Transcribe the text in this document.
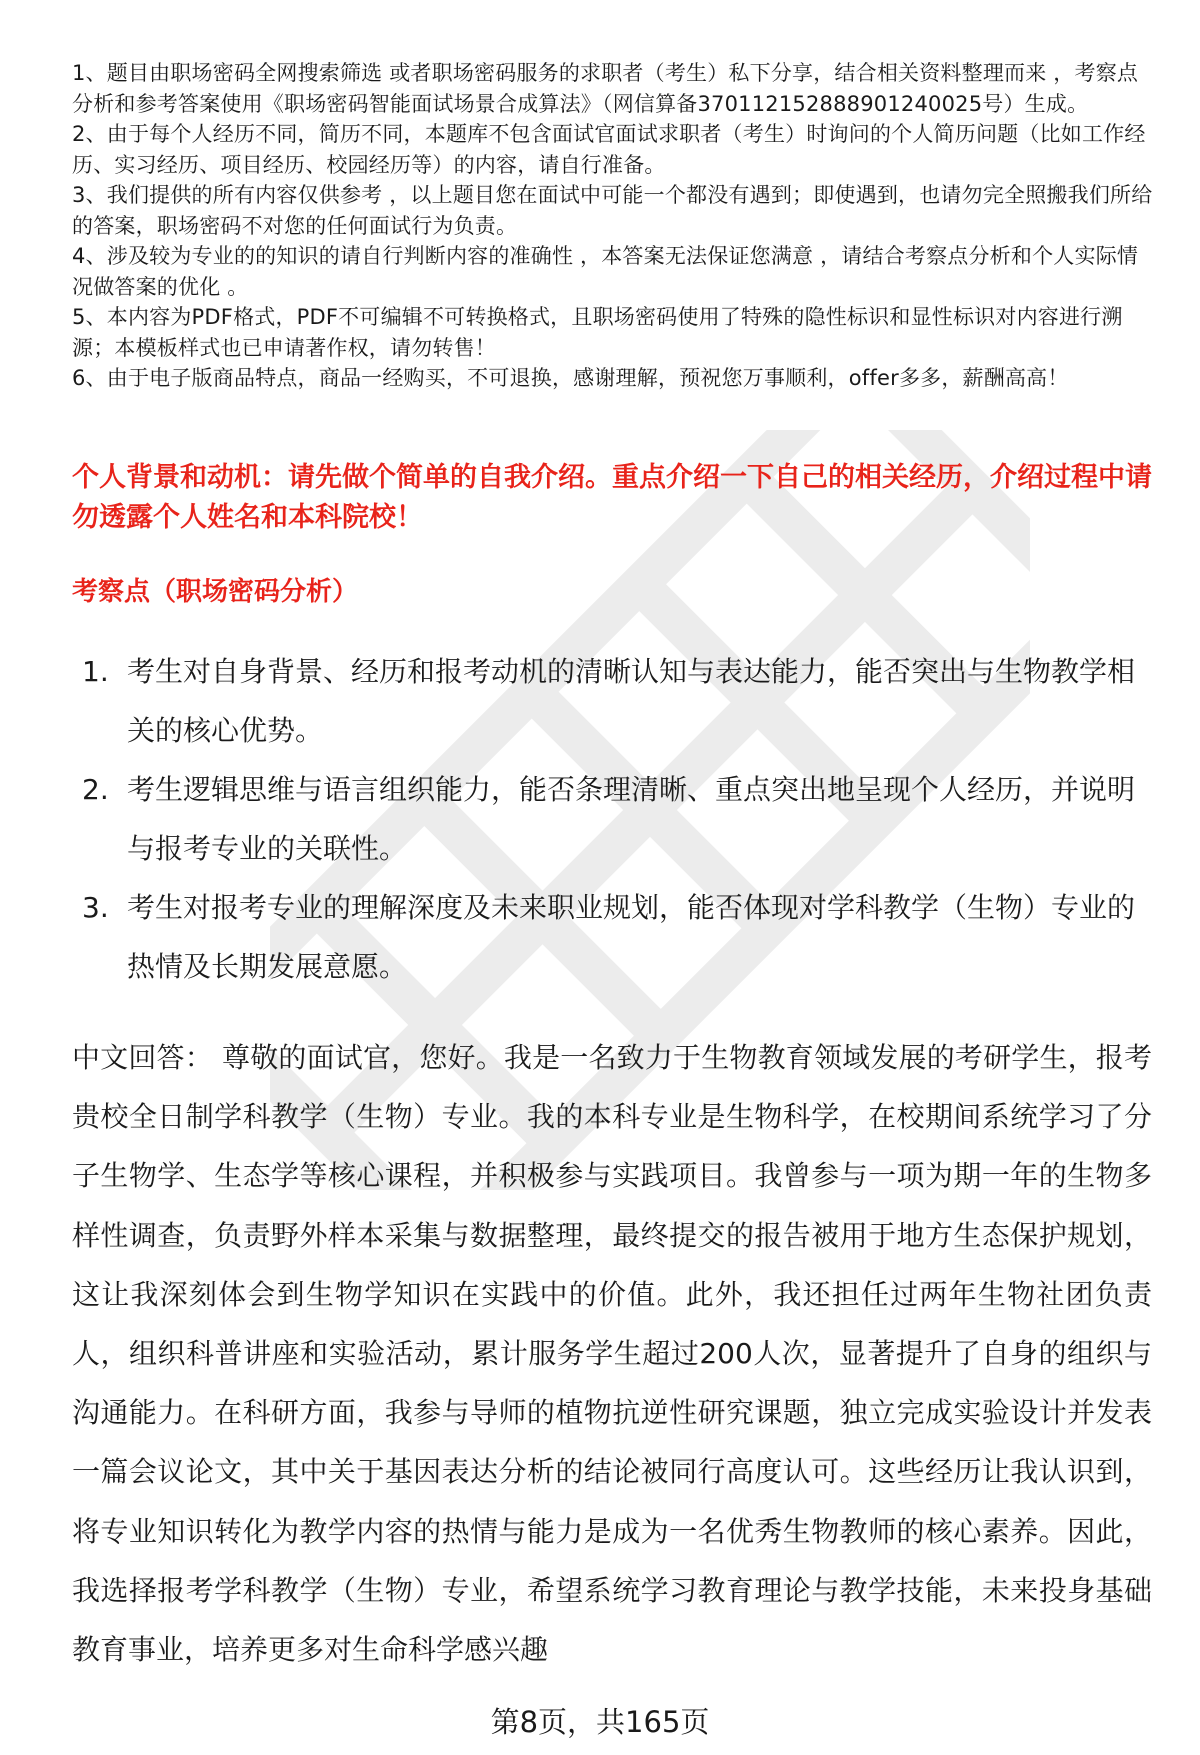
1、题目由职场密码全网搜索筛选 或者职场密码服务的求职者（考生）私下分享，结合相关资料整理而来 ，考察点分析和参考答案使用《职场密码智能面试场景合成算法》（网信算备370112152888901240025号）生成。

2、由于每个人经历不同，简历不同，本题库不包含面试官面试求职者（考生）时询问的个人简历问题（比如工作经历、实习经历、项目经历、校园经历等）的内容，请自行准备。

3、我们提供的所有内容仅供参考 ，以上题目您在面试中可能一个都没有遇到；即使遇到，也请勿完全照搬我们所给的答案，职场密码不对您的任何面试行为负责。

4、涉及较为专业的的知识的请自行判断内容的准确性 ，本答案无法保证您满意 ，请结合考察点分析和个人实际情况做答案的优化 。

5、本内容为PDF格式，PDF不可编辑不可转换格式，且职场密码使用了特殊的隐性标识和显性标识对内容进行溯源；本模板样式也已申请著作权，请勿转售！

6、由于电子版商品特点，商品一经购买，不可退换，感谢理解，预祝您万事顺利，offer多多，薪酬高高！

个人背景和动机：请先做个简单的自我介绍。重点介绍一下自己的相关经历，介绍过程中请勿透露个人姓名和本科院校！
考察点（职场密码分析）
1. 考生对自身背景、经历和报考动机的清晰认知与表达能力，能否突出与生物教学相关的核心优势。
2. 考生逻辑思维与语言组织能力，能否条理清晰、重点突出地呈现个人经历，并说明与报考专业的关联性。
3. 考生对报考专业的理解深度及未来职业规划，能否体现对学科教学（生物）专业的热情及长期发展意愿。

中文回答： 尊敬的面试官，您好。我是一名致力于生物教育领域发展的考研学生，报考贵校全日制学科教学（生物）专业。我的本科专业是生物科学，在校期间系统学习了分子生物学、生态学等核心课程，并积极参与实践项目。我曾参与一项为期一年的生物多样性调查，负责野外样本采集与数据整理，最终提交的报告被用于地方生态保护规划，这让我深刻体会到生物学知识在实践中的价值。此外，我还担任过两年生物社团负责人，组织科普讲座和实验活动，累计服务学生超过200人次，显著提升了自身的组织与沟通能力。在科研方面，我参与导师的植物抗逆性研究课题，独立完成实验设计并发表一篇会议论文，其中关于基因表达分析的结论被同行高度认可。这些经历让我认识到，将专业知识转化为教学内容的热情与能力是成为一名优秀生物教师的核心素养。因此，我选择报考学科教学（生物）专业，希望系统学习教育理论与教学技能，未来投身基础教育事业，培养更多对生命科学感兴趣

第8页，共165页
